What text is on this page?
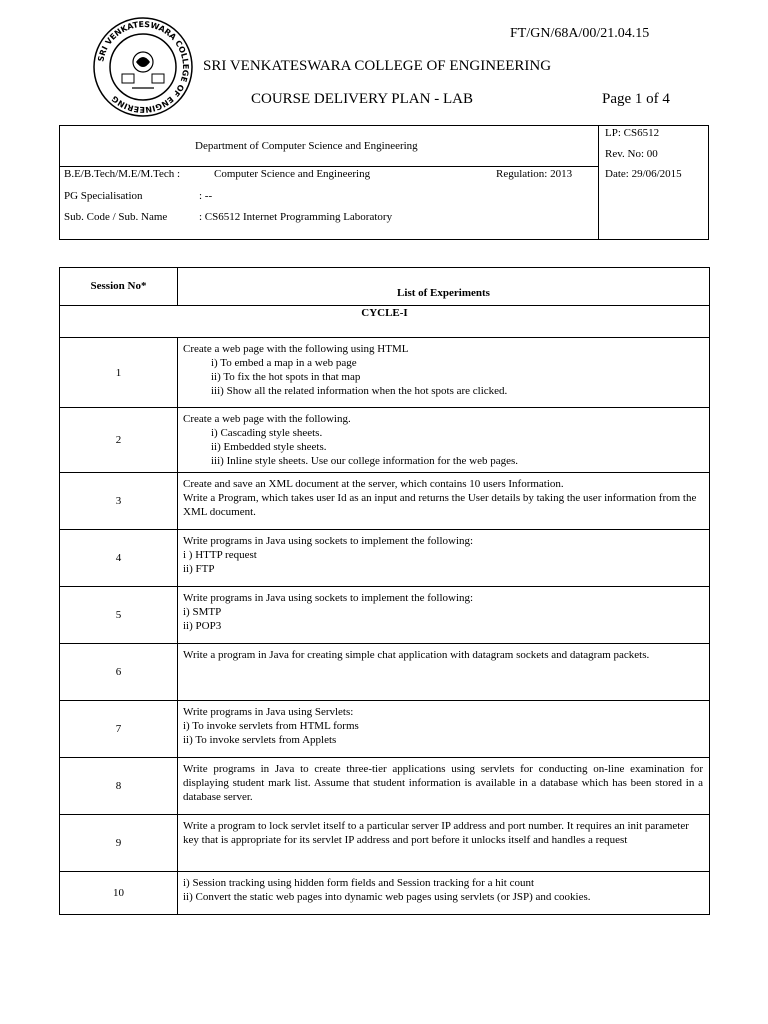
FT/GN/68A/00/21.04.15
SRI VENKATESWARA COLLEGE OF ENGINEERING
SRI VENKATESWARA COLLEGE OF ENGINEERING
COURSE DELIVERY PLAN - LAB	Page 1 of 4
Department of Computer Science and Engineering
LP: CS6512
Rev. No: 00
Date: 29/06/2015
B.E/B.Tech/M.E/M.Tech :	Computer Science and Engineering	Regulation: 2013
PG Specialisation	: --
Sub. Code / Sub. Name	: CS6512 Internet Programming Laboratory
Session No*	List of Experiments
CYCLE-I	
1	Create a web page with the following using HTML
i) To embed a map in a web page
ii) To fix the hot spots in that map
iii) Show all the related information when the hot spots are clicked.

2	Create a web page with the following.
i) Cascading style sheets.
ii) Embedded style sheets.
iii) Inline style sheets. Use our college information for the web pages.

3	Create and save an XML document at the server, which contains 10 users Information.
Write a Program, which takes user Id as an input and returns the User details by taking the user information from the XML document.

4	Write programs in Java using sockets to implement the following:
i ) HTTP request
ii) FTP

5	Write programs in Java using sockets to implement the following:
i) SMTP
ii) POP3

6	Write a program in Java for creating simple chat application with datagram sockets and datagram packets.

7	Write programs in Java using Servlets:
i) To invoke servlets from HTML forms
ii) To invoke servlets from Applets

8	Write programs in Java to create three-tier applications using servlets for conducting on-line examination for displaying student mark list. Assume that student information is available in a database which has been stored in a database server.

9	Write a program to lock servlet itself to a particular server IP address and port number. It requires an init parameter key that is appropriate for its servlet IP address and port before it unlocks itself and handles a request

10	i) Session tracking using hidden form fields and Session tracking for a hit count
ii) Convert the static web pages into dynamic web pages using servlets (or JSP) and cookies.
